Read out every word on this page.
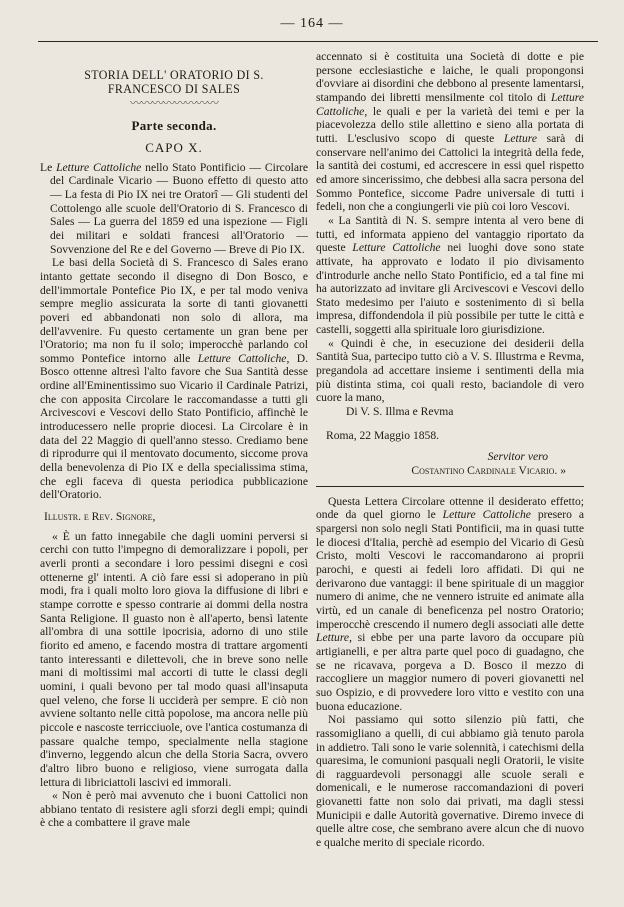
— 164 —
STORIA DELL' ORATORIO DI S. FRANCESCO DI SALES
〰〰〰〰〰〰〰〰
Parte seconda.
CAPO X.

Le Letture Cattoliche nello Stato Pontificio — Circolare del Cardinale Vicario — Buono effetto di questo atto — La festa di Pio IX nei tre Oratorî — Gli studenti del Cottolengo alle scuole dell'Oratorio di S. Francesco di Sales — La guerra del 1859 ed una ispezione — Figli dei militari e soldati francesi all'Oratorio — Sovvenzione del Re e del Governo — Breve di Pio IX.

Le basi della Società di S. Francesco di Sales erano intanto gettate secondo il disegno di Don Bosco, e dell'immortale Pontefice Pio IX, e per tal modo veniva sempre meglio assicurata la sorte di tanti giovanetti poveri ed abbandonati non solo di allora, ma dell'avvenire. Fu questo certamente un gran bene per l'Oratorio; ma non fu il solo; imperocchè parlando col sommo Pontefice intorno alle Letture Cattoliche, D. Bosco ottenne altresì l'alto favore che Sua Santità desse ordine all'Eminentissimo suo Vicario il Cardinale Patrizi, che con apposita Circolare le raccomandasse a tutti gli Arcivescovi e Vescovi dello Stato Pontificio, affinchè le introducessero nelle proprie diocesi. La Circolare è in data del 22 Maggio di quell'anno stesso. Crediamo bene di riprodurre qui il mentovato documento, siccome prova della benevolenza di Pio IX e della specialissima stima, che egli faceva di questa periodica pubblicazione dell'Oratorio.

Illustr. e Rev. Signore,

« È un fatto innegabile che dagli uomini perversi si cerchi con tutto l'impegno di demoralizzare i popoli, per averli pronti a secondare i loro pessimi disegni e così ottenerne gl' intenti. A ciò fare essi si adoperano in più modi, fra i quali molto loro giova la diffusione di libri e stampe corrotte e spesso contrarie ai dommi della nostra Santa Religione. Il guasto non è all'aperto, bensì latente all'ombra di una sottile ipocrisia, adorno di uno stile fiorito ed ameno, e facendo mostra di trattare argomenti tanto interessanti e dilettevoli, che in breve sono nelle mani di moltissimi mal accorti di tutte le classi degli uomini, i quali bevono per tal modo quasi all'insaputa quel veleno, che forse li ucciderà per sempre. E ciò non avviene soltanto nelle città popolose, ma ancora nelle più piccole e nascoste terricciuole, ove l'antica costumanza di passare qualche tempo, specialmente nella stagione d'inverno, leggendo alcun che della Storia Sacra, ovvero d'altro libro buono e religioso, viene surrogata dalla lettura di libriciattoli lascivi ed immorali.

« Non è però mai avvenuto che i buoni Cattolici non abbiano tentato di resistere agli sforzi degli empi; quindi è che a combattere il grave male

accennato si è costituita una Società di dotte e pie persone ecclesiastiche e laiche, le quali propongonsi d'ovviare ai disordini che debbono al presente lamentarsi, stampando dei libretti mensilmente col titolo di Letture Cattoliche, le quali e per la varietà dei temi e per la piacevolezza dello stile allettino e sieno alla portata di tutti. L'esclusivo scopo di queste Letture sarà di conservare nell'animo dei Cattolici la integrità della fede, la santità dei costumi, ed accrescere in essi quel rispetto ed amore sincerissimo, che debbesi alla sacra persona del Sommo Pontefice, siccome Padre universale di tutti i fedeli, non che a congiungerli vie più coi loro Vescovi.

« La Santità di N. S. sempre intenta al vero bene di tutti, ed informata appieno del vantaggio riportato da queste Letture Cattoliche nei luoghi dove sono state attivate, ha approvato e lodato il pio divisamento d'introdurle anche nello Stato Pontificio, ed a tal fine mi ha autorizzato ad invitare gli Arcivescovi e Vescovi dello Stato medesimo per l'aiuto e sostenimento di sì bella impresa, diffondendola il più possibile per tutte le città e castelli, soggetti alla spirituale loro giurisdizione.

« Quindi è che, in esecuzione dei desiderii della Santità Sua, partecipo tutto ciò a V. S. Illustrma e Revma, pregandola ad accettare insieme i sentimenti della mia più distinta stima, coi quali resto, baciandole di vero cuore la mano,

Di V. S. Illma e Revma

Roma, 22 Maggio 1858.

Servitor vero

Costantino Cardinale Vicario. »

Questa Lettera Circolare ottenne il desiderato effetto; onde da quel giorno le Letture Cattoliche presero a spargersi non solo negli Stati Pontificii, ma in quasi tutte le diocesi d'Italia, perchè ad esempio del Vicario di Gesù Cristo, molti Vescovi le raccomandarono ai proprii parochi, e questi ai fedeli loro affidati. Di qui ne derivarono due vantaggi: il bene spirituale di un maggior numero di anime, che ne vennero istruite ed animate alla virtù, ed un canale di beneficenza pel nostro Oratorio; imperocchè crescendo il numero degli associati alle dette Letture, si ebbe per una parte lavoro da occupare più artigianelli, e per altra parte quel poco di guadagno, che se ne ricavava, porgeva a D. Bosco il mezzo di raccogliere un maggior numero di poveri giovanetti nel suo Ospizio, e di provvedere loro vitto e vestito con una buona educazione.

Noi passiamo qui sotto silenzio più fatti, che rassomigliano a quelli, di cui abbiamo già tenuto parola in addietro. Tali sono le varie solennità, i catechismi della quaresima, le comunioni pasquali negli Oratorii, le visite di ragguardevoli personaggi alle scuole serali e domenicali, e le numerose raccomandazioni di poveri giovanetti fatte non solo dai privati, ma dagli stessi Municipii e dalle Autorità governative. Diremo invece di quelle altre cose, che sembrano avere alcun che di nuovo e qualche merito di speciale ricordo.
